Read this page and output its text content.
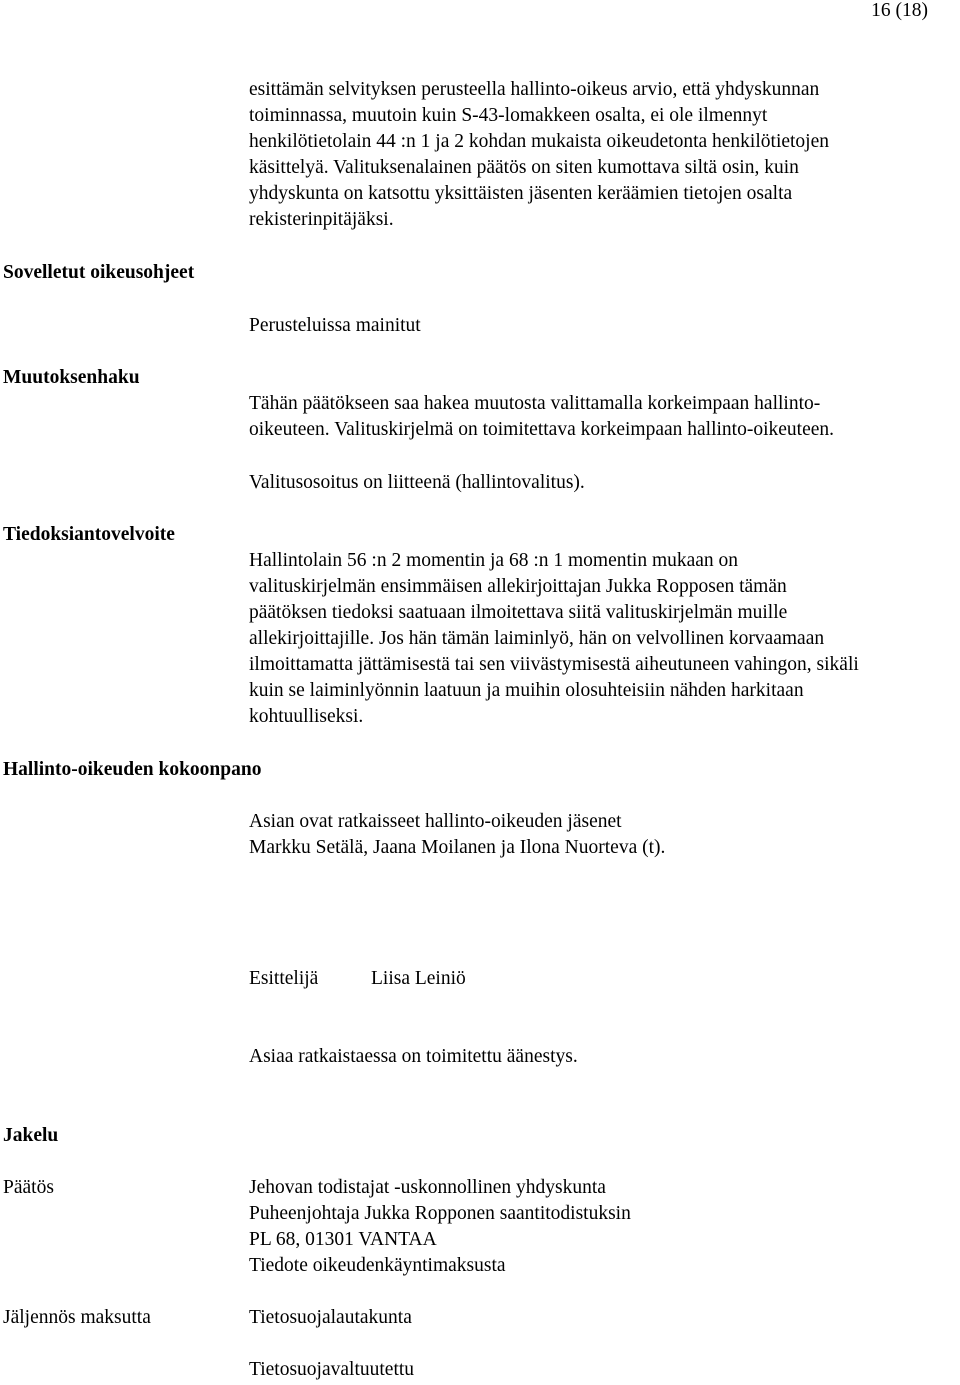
16 (18)
esittämän selvityksen perusteella hallinto-oikeus arvio, että yhdyskunnan
toiminnassa, muutoin kuin S-43-lomakkeen osalta, ei ole ilmennyt
henkilötietolain 44 :n 1 ja 2 kohdan mukaista oikeudetonta henkilötietojen
käsittelyä. Valituksenalainen päätös on siten kumottava siltä osin, kuin
yhdyskunta on katsottu yksittäisten jäsenten keräämien tietojen osalta
rekisterinpitäjäksi.
Sovelletut oikeusohjeet
Perusteluissa mainitut
Muutoksenhaku
Tähän päätökseen saa hakea muutosta valittamalla korkeimpaan hallinto-
oikeuteen. Valituskirjelmä on toimitettava korkeimpaan hallinto-oikeuteen.
Valitusosoitus on liitteenä (hallintovalitus).
Tiedoksiantovelvoite
Hallintolain 56 :n 2 momentin ja 68 :n 1 momentin mukaan on
valituskirjelmän ensimmäisen allekirjoittajan Jukka Ropposen tämän
päätöksen tiedoksi saatuaan ilmoitettava siitä valituskirjelmän muille
allekirjoittajille. Jos hän tämän laiminlyö, hän on velvollinen korvaamaan
ilmoittamatta jättämisestä tai sen viivästymisestä aiheutuneen vahingon, sikäli
kuin se laiminlyönnin laatuun ja muihin olosuhteisiin nähden harkitaan
kohtuulliseksi.
Hallinto-oikeuden kokoonpano
Asian ovat ratkaisseet hallinto-oikeuden jäsenet
Markku Setälä, Jaana Moilanen ja Ilona Nuorteva (t).
Esittelijä	Liisa Leiniö
Asiaa ratkaistaessa on toimitettu äänestys.
Jakelu
Päätös	Jehovan todistajat -uskonnollinen yhdyskunta
Puheenjohtaja Jukka Ropponen saantitodistuksin
PL 68, 01301 VANTAA
Tiedote oikeudenkäyntimaksusta
Jäljennös maksutta	Tietosuojalautakunta
Tietosuojavaltuutettu
